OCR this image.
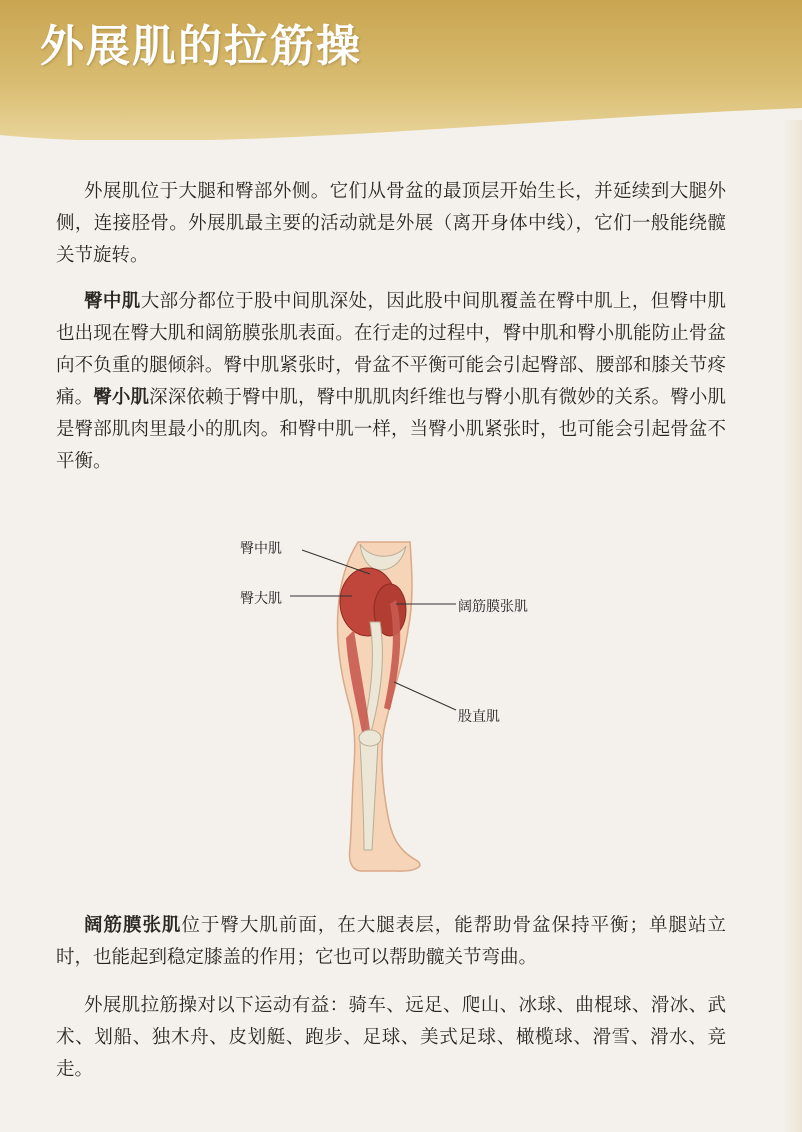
外展肌的拉筋操

外展肌位于大腿和臀部外侧。它们从骨盆的最顶层开始生长，并延续到大腿外侧，连接胫骨。外展肌最主要的活动就是外展（离开身体中线），它们一般能绕髋关节旋转。

臀中肌大部分都位于股中间肌深处，因此股中间肌覆盖在臀中肌上，但臀中肌也出现在臀大肌和阔筋膜张肌表面。在行走的过程中，臀中肌和臀小肌能防止骨盆向不负重的腿倾斜。臀中肌紧张时，骨盆不平衡可能会引起臀部、腰部和膝关节疼痛。臀小肌深深依赖于臀中肌，臀中肌肌肉纤维也与臀小肌有微妙的关系。臀小肌是臀部肌肉里最小的肌肉。和臀中肌一样，当臀小肌紧张时，也可能会引起骨盆不平衡。

臀中肌
臀大肌	阔筋膜张肌
股直肌

阔筋膜张肌位于臀大肌前面，在大腿表层，能帮助骨盆保持平衡；单腿站立时，也能起到稳定膝盖的作用；它也可以帮助髋关节弯曲。

外展肌拉筋操对以下运动有益：骑车、远足、爬山、冰球、曲棍球、滑冰、武术、划船、独木舟、皮划艇、跑步、足球、美式足球、橄榄球、滑雪、滑水、竞走。
